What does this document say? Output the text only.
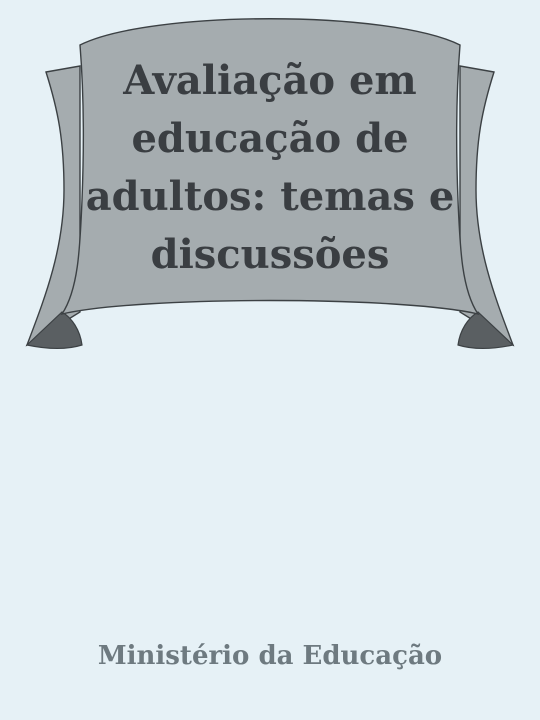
Avaliação em
educação de
adultos: temas e
discussões
Ministério da Educação
